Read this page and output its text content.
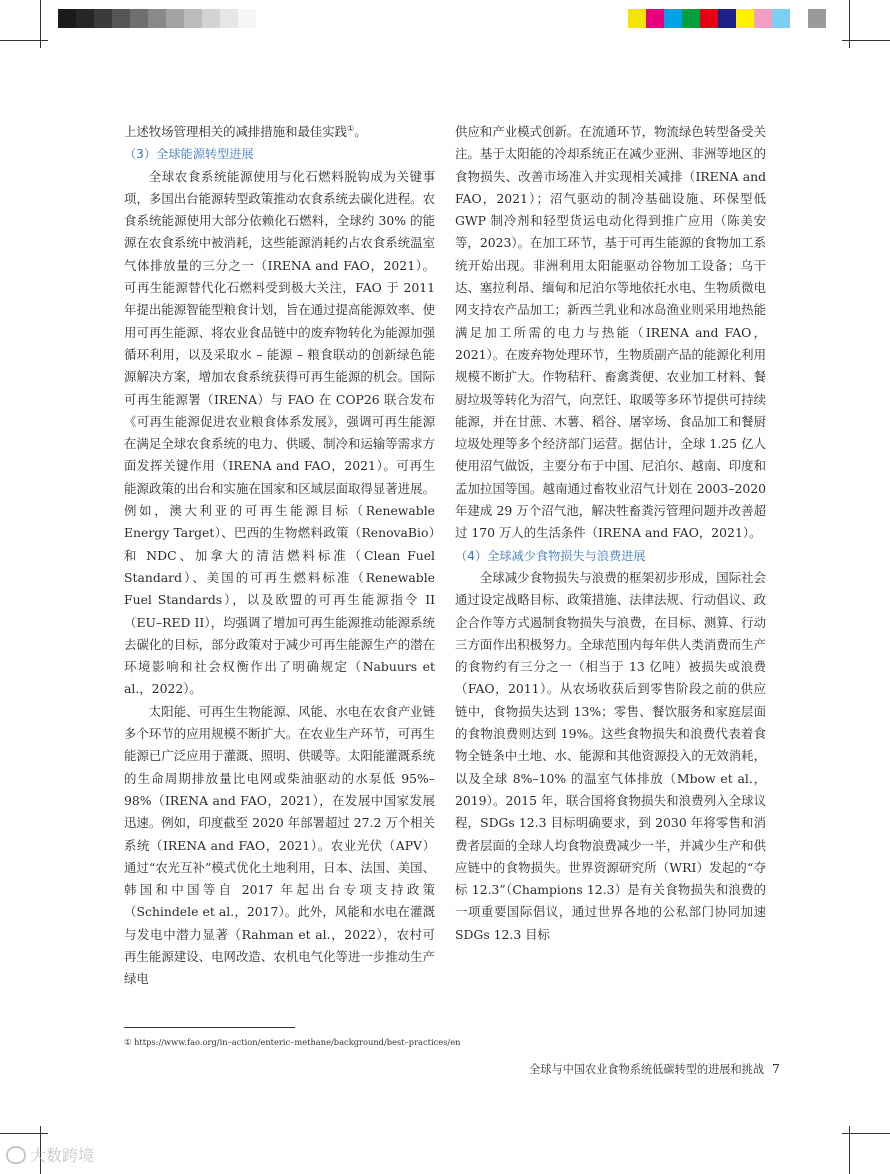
上述牧场管理相关的减排措施和最佳实践①。

（3）全球能源转型进展

全球农食系统能源使用与化石燃料脱钩成为关键事项，多国出台能源转型政策推动农食系统去碳化进程。农食系统能源使用大部分依赖化石燃料，全球约 30% 的能源在农食系统中被消耗，这些能源消耗约占农食系统温室气体排放量的三分之一（IRENA and FAO，2021）。可再生能源替代化石燃料受到极大关注，FAO 于 2011 年提出能源智能型粮食计划，旨在通过提高能源效率、使用可再生能源、将农业食品链中的废弃物转化为能源加强循环利用，以及采取水 – 能源 – 粮食联动的创新绿色能源解决方案，增加农食系统获得可再生能源的机会。国际可再生能源署（IRENA）与 FAO 在 COP26 联合发布《可再生能源促进农业粮食体系发展》，强调可再生能源在满足全球农食系统的电力、供暖、制冷和运输等需求方面发挥关键作用（IRENA and FAO，2021）。可再生能源政策的出台和实施在国家和区域层面取得显著进展。例如，澳大利亚的可再生能源目标（Renewable Energy Target）、巴西的生物燃料政策（RenovaBio）和 NDC、加拿大的清洁燃料标准（Clean Fuel Standard）、美国的可再生燃料标准（Renewable Fuel Standards），以及欧盟的可再生能源指令 II（EU–RED II），均强调了增加可再生能源推动能源系统去碳化的目标，部分政策对于减少可再生能源生产的潜在环境影响和社会权衡作出了明确规定（Nabuurs et al.，2022）。

太阳能、可再生生物能源、风能、水电在农食产业链多个环节的应用规模不断扩大。在农业生产环节，可再生能源已广泛应用于灌溉、照明、供暖等。太阳能灌溉系统的生命周期排放量比电网或柴油驱动的水泵低 95%–98%（IRENA and FAO，2021），在发展中国家发展迅速。例如，印度截至 2020 年部署超过 27.2 万个相关系统（IRENA and FAO，2021）。农业光伏（APV）通过“农光互补”模式优化土地利用，日本、法国、美国、韩国和中国等自 2017 年起出台专项支持政策（Schindele et al.，2017）。此外，风能和水电在灌溉与发电中潜力显著（Rahman et al.，2022），农村可再生能源建设、电网改造、农机电气化等进一步推动生产绿电

供应和产业模式创新。在流通环节，物流绿色转型备受关注。基于太阳能的冷却系统正在减少亚洲、非洲等地区的食物损失、改善市场准入并实现相关减排（IRENA and FAO，2021）；沼气驱动的制冷基础设施、环保型低 GWP 制冷剂和轻型货运电动化得到推广应用（陈美安等，2023）。在加工环节，基于可再生能源的食物加工系统开始出现。非洲利用太阳能驱动谷物加工设备；乌干达、塞拉利昂、缅甸和尼泊尔等地依托水电、生物质微电网支持农产品加工；新西兰乳业和冰岛渔业则采用地热能满足加工所需的电力与热能（IRENA and FAO，2021）。在废弃物处理环节，生物质副产品的能源化利用规模不断扩大。作物秸秆、畜禽粪便、农业加工材料、餐厨垃圾等转化为沼气，向烹饪、取暖等多环节提供可持续能源，并在甘蔗、木薯、稻谷、屠宰场、食品加工和餐厨垃圾处理等多个经济部门运营。据估计，全球 1.25 亿人使用沼气做饭，主要分布于中国、尼泊尔、越南、印度和孟加拉国等国。越南通过畜牧业沼气计划在 2003–2020 年建成 29 万个沼气池，解决牲畜粪污管理问题并改善超过 170 万人的生活条件（IRENA and FAO，2021）。

（4）全球减少食物损失与浪费进展

全球减少食物损失与浪费的框架初步形成，国际社会通过设定战略目标、政策措施、法律法规、行动倡议、政企合作等方式遏制食物损失与浪费，在目标、测算、行动三方面作出积极努力。全球范围内每年供人类消费而生产的食物约有三分之一（相当于 13 亿吨）被损失或浪费（FAO，2011）。从农场收获后到零售阶段之前的供应链中，食物损失达到 13%；零售、餐饮服务和家庭层面的食物浪费则达到 19%。这些食物损失和浪费代表着食物全链条中土地、水、能源和其他资源投入的无效消耗，以及全球 8%–10% 的温室气体排放（Mbow et al.，2019）。2015 年，联合国将食物损失和浪费列入全球议程，SDGs 12.3 目标明确要求，到 2030 年将零售和消费者层面的全球人均食物浪费减少一半，并减少生产和供应链中的食物损失。世界资源研究所（WRI）发起的“夺标 12.3”（Champions 12.3）是有关食物损失和浪费的一项重要国际倡议，通过世界各地的公私部门协同加速 SDGs 12.3 目标

① https://www.fao.org/in–action/enteric–methane/background/best–practices/en
全球与中国农业食物系统低碳转型的进展和挑战 7
大数跨境
